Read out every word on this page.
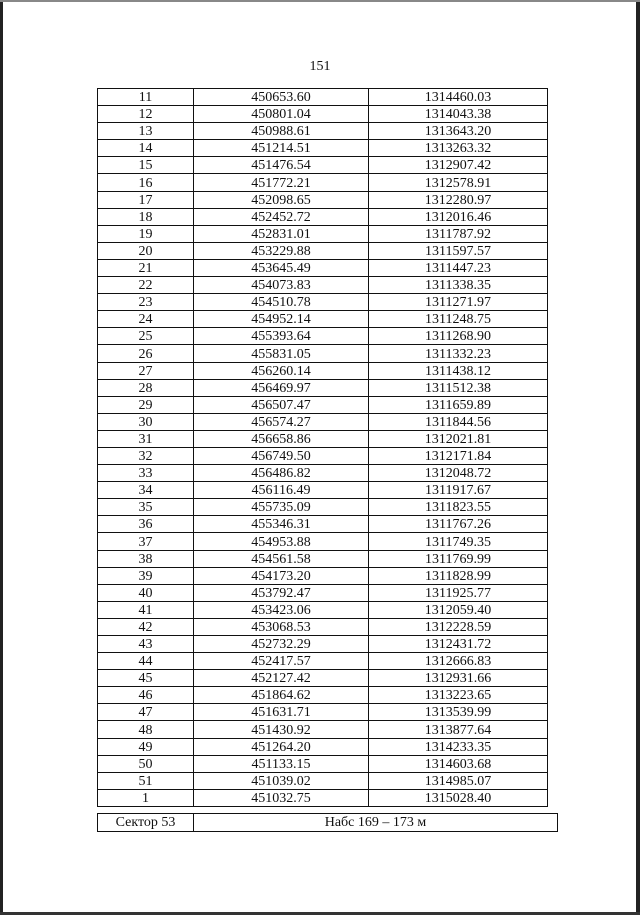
151
11	450653.60	1314460.03
12	450801.04	1314043.38
13	450988.61	1313643.20
14	451214.51	1313263.32
15	451476.54	1312907.42
16	451772.21	1312578.91
17	452098.65	1312280.97
18	452452.72	1312016.46
19	452831.01	1311787.92
20	453229.88	1311597.57
21	453645.49	1311447.23
22	454073.83	1311338.35
23	454510.78	1311271.97
24	454952.14	1311248.75
25	455393.64	1311268.90
26	455831.05	1311332.23
27	456260.14	1311438.12
28	456469.97	1311512.38
29	456507.47	1311659.89
30	456574.27	1311844.56
31	456658.86	1312021.81
32	456749.50	1312171.84
33	456486.82	1312048.72
34	456116.49	1311917.67
35	455735.09	1311823.55
36	455346.31	1311767.26
37	454953.88	1311749.35
38	454561.58	1311769.99
39	454173.20	1311828.99
40	453792.47	1311925.77
41	453423.06	1312059.40
42	453068.53	1312228.59
43	452732.29	1312431.72
44	452417.57	1312666.83
45	452127.42	1312931.66
46	451864.62	1313223.65
47	451631.71	1313539.99
48	451430.92	1313877.64
49	451264.20	1314233.35
50	451133.15	1314603.68
51	451039.02	1314985.07
1	451032.75	1315028.40
Сектор 53	Набс 169 – 173 м
